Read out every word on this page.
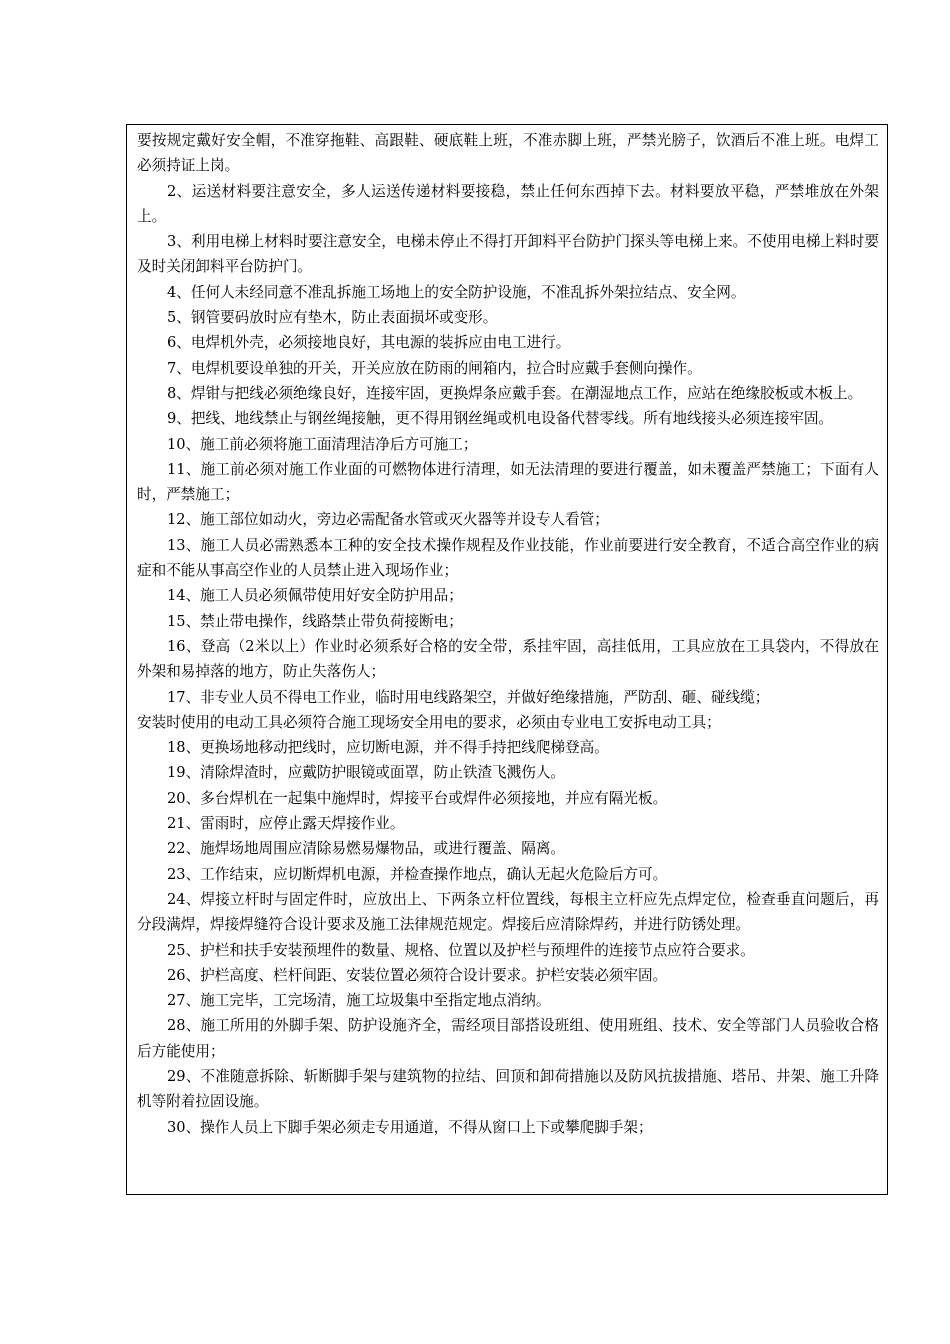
要按规定戴好安全帽，不准穿拖鞋、高跟鞋、硬底鞋上班，不准赤脚上班，严禁光膀子，饮酒后不准上班。电焊工必须持证上岗。

2、运送材料要注意安全，多人运送传递材料要接稳，禁止任何东西掉下去。材料要放平稳，严禁堆放在外架上。

3、利用电梯上材料时要注意安全，电梯未停止不得打开卸料平台防护门探头等电梯上来。不使用电梯上料时要及时关闭卸料平台防护门。

4、任何人未经同意不准乱拆施工场地上的安全防护设施，不准乱拆外架拉结点、安全网。

5、钢管要码放时应有垫木，防止表面损坏或变形。

6、电焊机外壳，必须接地良好，其电源的装拆应由电工进行。

7、电焊机要设单独的开关，开关应放在防雨的闸箱内，拉合时应戴手套侧向操作。

8、焊钳与把线必须绝缘良好，连接牢固，更换焊条应戴手套。在潮湿地点工作，应站在绝缘胶板或木板上。

9、把线、地线禁止与钢丝绳接触，更不得用钢丝绳或机电设备代替零线。所有地线接头必须连接牢固。

10、施工前必须将施工面清理洁净后方可施工；

11、施工前必须对施工作业面的可燃物体进行清理，如无法清理的要进行覆盖，如未覆盖严禁施工；下面有人时，严禁施工；

12、施工部位如动火，旁边必需配备水管或灭火器等并设专人看管；

13、施工人员必需熟悉本工种的安全技术操作规程及作业技能，作业前要进行安全教育，不适合高空作业的病症和不能从事高空作业的人员禁止进入现场作业；

14、施工人员必须佩带使用好安全防护用品；

15、禁止带电操作，线路禁止带负荷接断电；

16、登高（2米以上）作业时必须系好合格的安全带，系挂牢固，高挂低用，工具应放在工具袋内，不得放在外架和易掉落的地方，防止失落伤人；

17、非专业人员不得电工作业，临时用电线路架空，并做好绝缘措施，严防刮、砸、碰线缆；

安装时使用的电动工具必须符合施工现场安全用电的要求，必须由专业电工安拆电动工具；

18、更换场地移动把线时，应切断电源，并不得手持把线爬梯登高。

19、清除焊渣时，应戴防护眼镜或面罩，防止铁渣飞溅伤人。

20、多台焊机在一起集中施焊时，焊接平台或焊件必须接地，并应有隔光板。

21、雷雨时，应停止露天焊接作业。

22、施焊场地周围应清除易燃易爆物品，或进行覆盖、隔离。

23、工作结束，应切断焊机电源，并检查操作地点，确认无起火危险后方可。

24、焊接立杆时与固定件时，应放出上、下两条立杆位置线，每根主立杆应先点焊定位，检查垂直问题后，再分段满焊，焊接焊缝符合设计要求及施工法律规范规定。焊接后应清除焊药，并进行防锈处理。

25、护栏和扶手安装预埋件的数量、规格、位置以及护栏与预埋件的连接节点应符合要求。

26、护栏高度、栏杆间距、安装位置必须符合设计要求。护栏安装必须牢固。

27、施工完毕，工完场清，施工垃圾集中至指定地点消纳。

28、施工所用的外脚手架、防护设施齐全，需经项目部搭设班组、使用班组、技术、安全等部门人员验收合格后方能使用；

29、不准随意拆除、斩断脚手架与建筑物的拉结、回顶和卸荷措施以及防风抗拔措施、塔吊、井架、施工升降机等附着拉固设施。

30、操作人员上下脚手架必须走专用通道，不得从窗口上下或攀爬脚手架；
